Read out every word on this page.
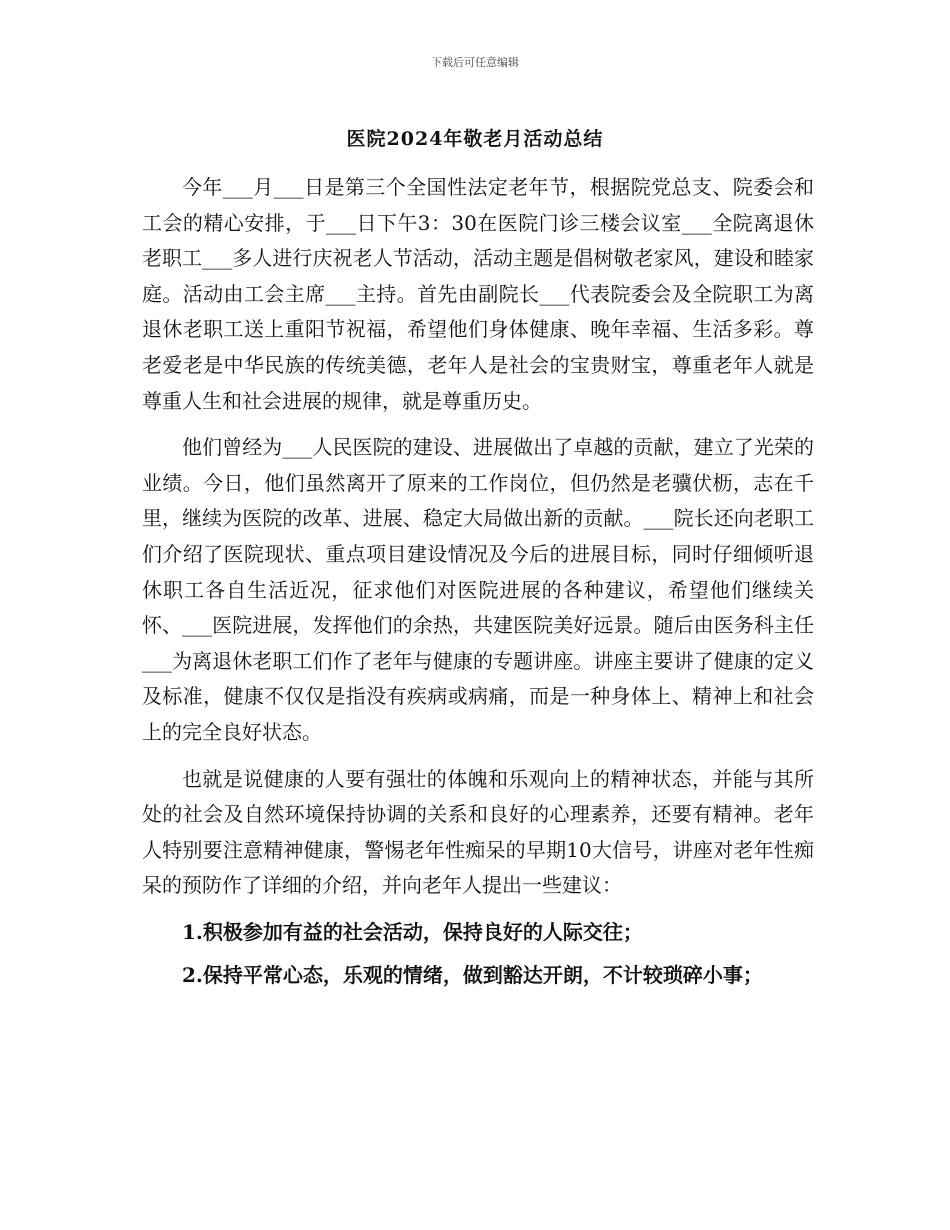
下载后可任意编辑
医院2024年敬老月活动总结

今年___月___日是第三个全国性法定老年节，根据院党总支、院委会和工会的精心安排，于___日下午3：30在医院门诊三楼会议室___全院离退休老职工___多人进行庆祝老人节活动，活动主题是倡树敬老家风，建设和睦家庭。活动由工会主席___主持。首先由副院长___代表院委会及全院职工为离退休老职工送上重阳节祝福，希望他们身体健康、晚年幸福、生活多彩。尊老爱老是中华民族的传统美德，老年人是社会的宝贵财宝，尊重老年人就是尊重人生和社会进展的规律，就是尊重历史。

他们曾经为___人民医院的建设、进展做出了卓越的贡献，建立了光荣的业绩。今日，他们虽然离开了原来的工作岗位，但仍然是老骥伏枥，志在千里，继续为医院的改革、进展、稳定大局做出新的贡献。___院长还向老职工们介绍了医院现状、重点项目建设情况及今后的进展目标，同时仔细倾听退休职工各自生活近况，征求他们对医院进展的各种建议，希望他们继续关怀、___医院进展，发挥他们的余热，共建医院美好远景。随后由医务科主任___为离退休老职工们作了老年与健康的专题讲座。讲座主要讲了健康的定义及标准，健康不仅仅是指没有疾病或病痛，而是一种身体上、精神上和社会上的完全良好状态。

也就是说健康的人要有强壮的体魄和乐观向上的精神状态，并能与其所处的社会及自然环境保持协调的关系和良好的心理素养，还要有精神。老年人特别要注意精神健康，警惕老年性痴呆的早期10大信号，讲座对老年性痴呆的预防作了详细的介绍，并向老年人提出一些建议：

1.积极参加有益的社会活动，保持良好的人际交往；

2.保持平常心态，乐观的情绪，做到豁达开朗，不计较琐碎小事；
